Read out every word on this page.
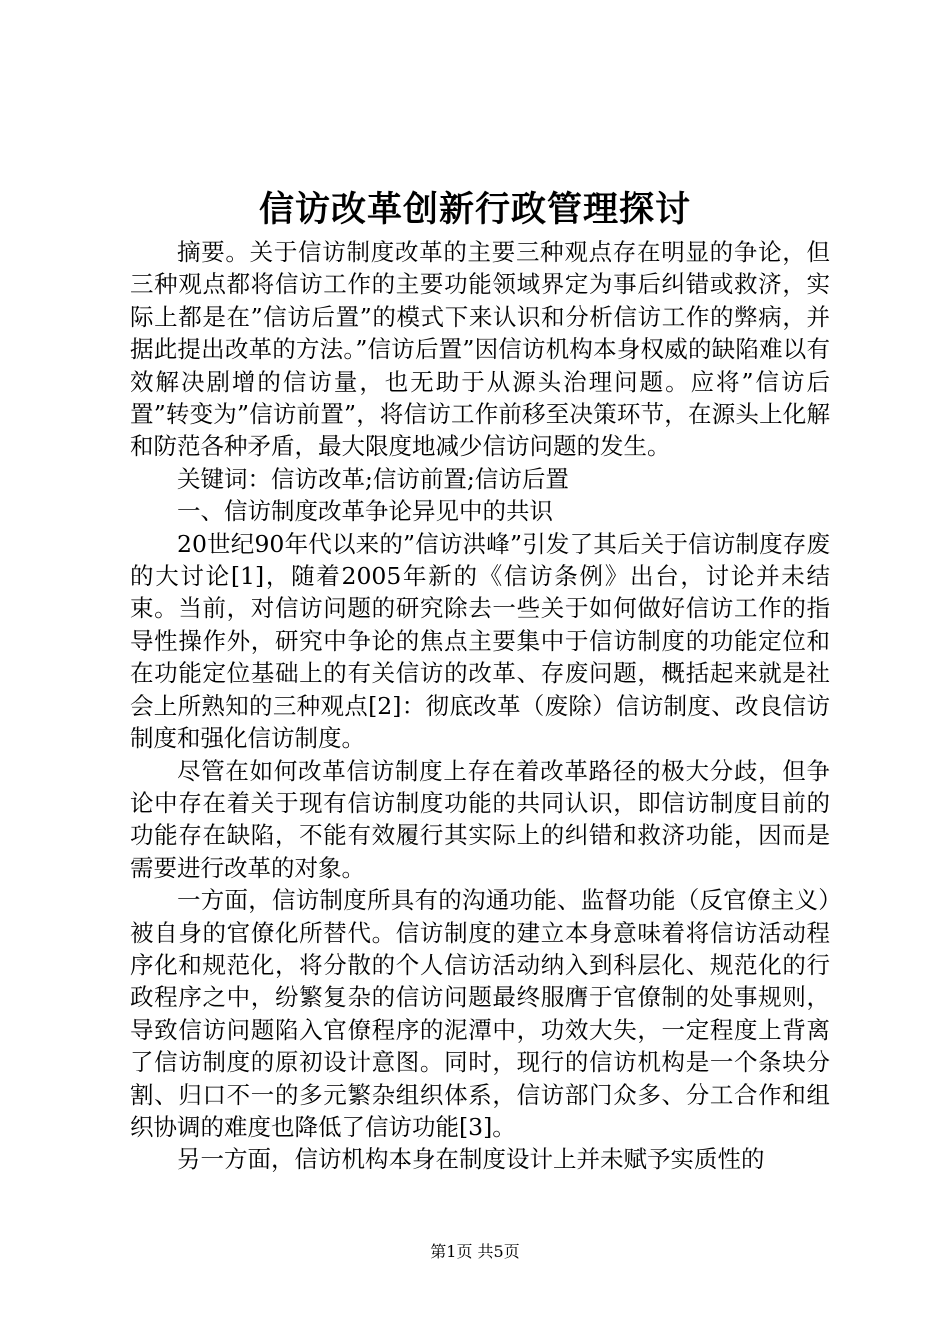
信访改革创新行政管理探讨

摘要。关于信访制度改革的主要三种观点存在明显的争论，但三种观点都将信访工作的主要功能领域界定为事后纠错或救济，实际上都是在”信访后置”的模式下来认识和分析信访工作的弊病，并据此提出改革的方法。”信访后置”因信访机构本身权威的缺陷难以有效解决剧增的信访量，也无助于从源头治理问题。应将”信访后置”转变为”信访前置”，将信访工作前移至决策环节，在源头上化解和防范各种矛盾，最大限度地减少信访问题的发生。

关键词：信访改革;信访前置;信访后置

一、信访制度改革争论异见中的共识

20世纪90年代以来的”信访洪峰”引发了其后关于信访制度存废的大讨论[1]，随着2005年新的《信访条例》出台，讨论并未结束。当前，对信访问题的研究除去一些关于如何做好信访工作的指导性操作外，研究中争论的焦点主要集中于信访制度的功能定位和在功能定位基础上的有关信访的改革、存废问题，概括起来就是社会上所熟知的三种观点[2]：彻底改革（废除）信访制度、改良信访制度和强化信访制度。

尽管在如何改革信访制度上存在着改革路径的极大分歧，但争论中存在着关于现有信访制度功能的共同认识，即信访制度目前的功能存在缺陷，不能有效履行其实际上的纠错和救济功能，因而是需要进行改革的对象。

一方面，信访制度所具有的沟通功能、监督功能（反官僚主义）被自身的官僚化所替代。信访制度的建立本身意味着将信访活动程序化和规范化，将分散的个人信访活动纳入到科层化、规范化的行政程序之中，纷繁复杂的信访问题最终服膺于官僚制的处事规则，导致信访问题陷入官僚程序的泥潭中，功效大失，一定程度上背离了信访制度的原初设计意图。同时，现行的信访机构是一个条块分割、归口不一的多元繁杂组织体系，信访部门众多、分工合作和组织协调的难度也降低了信访功能[3]。

另一方面，信访机构本身在制度设计上并未赋予实质性的

第1页 共5页
